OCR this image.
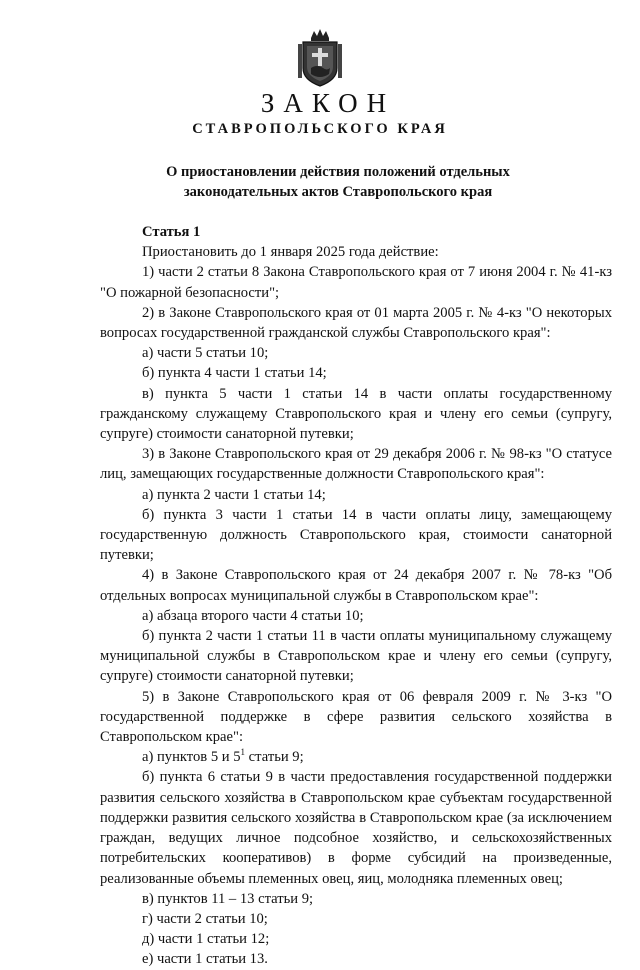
ЗАКОН
СТАВРОПОЛЬСКОГО КРАЯ
О приостановлении действия положений отдельных
законодательных актов Ставропольского края
Статья 1

Приостановить до 1 января 2025 года действие:

1) части 2 статьи 8 Закона Ставропольского края от 7 июня 2004 г. № 41-кз "О пожарной безопасности";

2) в Законе Ставропольского края от 01 марта 2005 г. № 4-кз "О некоторых вопросах государственной гражданской службы Ставропольского края":

а) части 5 статьи 10;

б) пункта 4 части 1 статьи 14;

в) пункта 5 части 1 статьи 14 в части оплаты государственному гражданскому служащему Ставропольского края и члену его семьи (супругу, супруге) стоимости санаторной путевки;

3) в Законе Ставропольского края от 29 декабря 2006 г. № 98-кз "О статусе лиц, замещающих государственные должности Ставропольского края":

а) пункта 2 части 1 статьи 14;

б) пункта 3 части 1 статьи 14 в части оплаты лицу, замещающему государственную должность Ставропольского края, стоимости санаторной путевки;

4) в Законе Ставропольского края от 24 декабря 2007 г. № 78-кз "Об отдельных вопросах муниципальной службы в Ставропольском крае":

а) абзаца второго части 4 статьи 10;

б) пункта 2 части 1 статьи 11 в части оплаты муниципальному служащему муниципальной службы в Ставропольском крае и члену его семьи (супругу, супруге) стоимости санаторной путевки;

5) в Законе Ставропольского края от 06 февраля 2009 г. № 3-кз "О государственной поддержке в сфере развития сельского хозяйства в Ставропольском крае":

а) пунктов 5 и $5^1$ статьи 9;

б) пункта 6 статьи 9 в части предоставления государственной поддержки развития сельского хозяйства в Ставропольском крае субъектам государственной поддержки развития сельского хозяйства в Ставропольском крае (за исключением граждан, ведущих личное подсобное хозяйство, и сельскохозяйственных потребительских кооперативов) в форме субсидий на произведенные, реализованные объемы племенных овец, яиц, молодняка племенных овец;

в) пунктов 11 – 13 статьи 9;

г) части 2 статьи 10;

д) части 1 статьи 12;

е) части 1 статьи 13.
